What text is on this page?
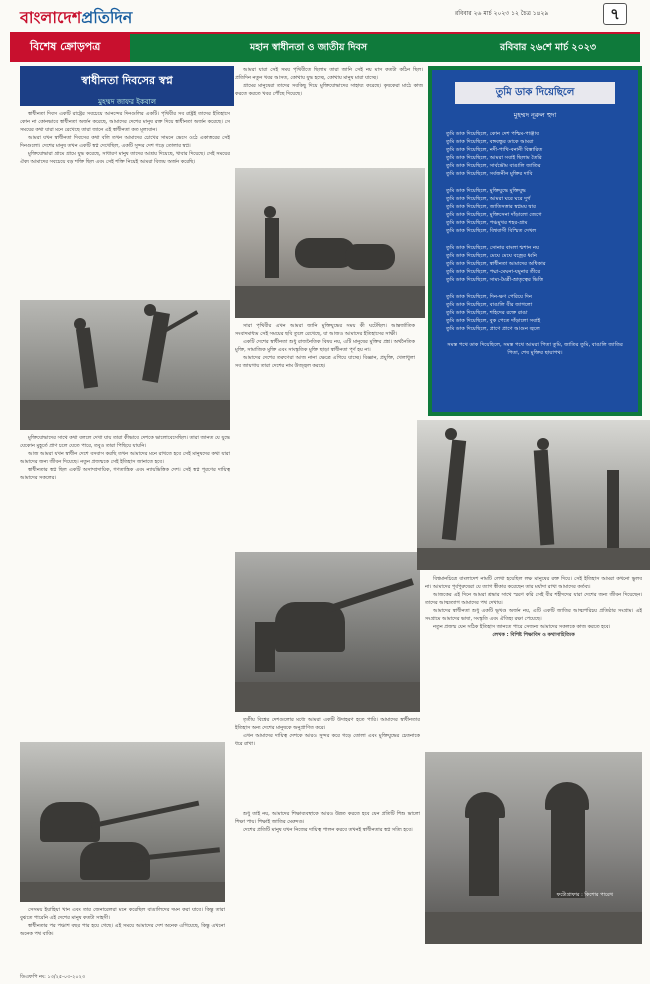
বাংলাদেশপ্রতিদিন	রবিবার ২৬ মার্চ ২০২৩ ১২ চৈত্র ১৪২৯	৭
বিশেষ ক্রোড়পত্র	মহান স্বাধীনতা ও জাতীয় দিবস	রবিবার ২৬শে মার্চ ২০২৩
স্বাধীনতা দিবসের স্বপ্ন
মুহম্মদ জাফর ইকবাল

স্বাধীনতা দিবস একটি রাষ্ট্রের সবচেয়ে আনন্দের দিনগুলির একটি। পৃথিবীর সব রাষ্ট্রই তাদের ইতিহাসে কোন না কোনভাবে স্বাধীনতা অর্জন করেছে, আমাদের দেশের মানুষ রক্ত দিয়ে স্বাধীনতা অর্জন করেছে। সে সময়ের কথা যারা মনে রেখেছে তারা জানে এই স্বাধীনতা কত মূল্যবান।

আমরা যখন স্বাধীনতা দিবসের কথা বলি তখন আমাদের চোখের সামনে ভেসে ওঠে একাত্তরের সেই দিনগুলো। দেশের মানুষ তখন একটি স্বপ্ন দেখেছিল, একটি সুন্দর দেশ গড়ে তোলার স্বপ্ন।

মুক্তিযোদ্ধারা গ্রামে গ্রামে যুদ্ধ করেছে, সাধারণ মানুষ তাদের আশ্রয় দিয়েছে, খাবার দিয়েছে। সেই সময়ের ঐক্য আমাদের সবচেয়ে বড় শক্তি ছিল এবং সেই শক্তি নিয়েই আমরা বিজয় অর্জন করেছি।

মুক্তিযোদ্ধাদের সাথে কথা বললে দেখা যায় তারা কীভাবে দেশকে ভালোবেসেছিল। তারা জানত যে যুদ্ধে যেকোন মুহূর্তে প্রাণ চলে যেতে পারে, তবুও তারা পিছিয়ে যায়নি।

আজ আমরা যখন স্বাধীন দেশে বসবাস করছি তখন আমাদের মনে রাখতে হবে সেই মানুষদের কথা যারা আমাদের জন্য জীবন দিয়েছে। নতুন প্রজন্মকে সেই ইতিহাস জানাতে হবে।

স্বাধীনতার স্বপ্ন ছিল একটি অসাম্প্রদায়িক, গণতান্ত্রিক এবং ন্যায়ভিত্তিক দেশ। সেই স্বপ্ন পূরণের দায়িত্ব আমাদের সকলের।

সেসময় ইয়াহিয়া খান এবং তার জেনারেলরা মনে করেছিল বাঙালিদের দমন করা যাবে। কিন্তু তারা বুঝতে পারেনি এই দেশের মানুষ কতটা সাহসী।

স্বাধীনতার পর পঞ্চাশ বছর পার হয়ে গেছে। এই সময়ে আমাদের দেশ অনেক এগিয়েছে, কিন্তু এখনো অনেক পথ বাকি।

ডিএফপি নং: ১৩/২৫-০৩-২০২৩

আমরা যারা সেই সময় পৃথিবীতে ছিলাম তারা জানি সেই নয় মাস কতটা কঠিন ছিল। প্রতিদিন নতুন খবর আসত, কোথায় যুদ্ধ হচ্ছে, কোথায় মানুষ মারা যাচ্ছে।

গ্রামের মানুষেরা তাদের সবকিছু দিয়ে মুক্তিযোদ্ধাদের সাহায্য করেছে। কৃষকেরা মাঠে কাজ করতে করতে খবর পৌঁছে দিয়েছে।

সারা পৃথিবীর এখন আমরা জানি মুক্তিযুদ্ধের সময় কী ঘটেছিল। আন্তর্জাতিক সংবাদমাধ্যম সেই সময়ের ছবি তুলে রেখেছে, যা আজও আমাদের ইতিহাসের সাক্ষী।

একটি দেশের স্বাধীনতা শুধু রাজনৈতিক বিষয় নয়, এটি মানুষের মুক্তির প্রশ্ন। অর্থনৈতিক মুক্তি, সামাজিক মুক্তি এবং সাংস্কৃতিক মুক্তি ছাড়া স্বাধীনতা পূর্ণ হয় না।

আমাদের দেশের তরুণেরা আজ নানা ক্ষেত্রে এগিয়ে যাচ্ছে। বিজ্ঞান, প্রযুক্তি, খেলাধুলা সব জায়গায় তারা দেশের নাম উজ্জ্বল করছে।

তৃতীয় বিশ্বের দেশগুলোর মধ্যে আমরা একটি উদাহরণ হতে পারি। আমাদের স্বাধীনতার ইতিহাস অন্য দেশের মানুষকে অনুপ্রাণিত করে।

এখন আমাদের দায়িত্ব দেশকে আরও সুন্দর করে গড়ে তোলা এবং মুক্তিযুদ্ধের চেতনাকে ধরে রাখা।

শুধু তাই নয়, আমাদের শিক্ষাব্যবস্থাকে আরও উন্নত করতে হবে যেন প্রতিটি শিশু ভালো শিক্ষা পায়। শিক্ষাই জাতির মেরুদণ্ড।

দেশের প্রতিটি মানুষ যখন নিজের দায়িত্ব পালন করবে তখনই স্বাধীনতার স্বপ্ন সত্যি হবে।

তুমি ডাক দিয়েছিলে
মুহম্মদ নূরুল হুদা
তুমি ডাক দিয়েছিলে, কোন দেশ পশ্চিম-পাঞ্জাব
তুমি ডাক দিয়েছিলে, বঙ্গবন্ধুর ডাকে আমরা
তুমি ডাক দিয়েছিলে, নদী-পাখি-বনানী বিস্তারিত
তুমি ডাক দিয়েছিলে, আমরা সবাই ছিলাম তৈরি
তুমি ডাক দিয়েছিলে, সার্বভৌম বাঙালি জাতির
তুমি ডাক দিয়েছিলে, সর্বজনীন মুক্তির দাবি
তুমি ডাক দিয়েছিলে, মুক্তিযুদ্ধে মুক্তিযুদ্ধ
তুমি ডাক দিয়েছিলে, আমরা ঘরে ঘরে দুর্গ
তুমি ডাক দিয়েছিলে, জাতিসত্তার স্বপ্নময় দ্বার
তুমি ডাক দিয়েছিলে, মুক্তিসেনা দাঁড়ালো জেগে
তুমি ডাক দিয়েছিলে, পঞ্চমুখর শহর-গ্রাম
তুমি ডাক দিয়েছিলে, বিশ্ববাসী বিস্মিত দেখল
তুমি ডাক দিয়েছিলে, সোনার বাংলা শ্মশান নয়
তুমি ডাক দিয়েছিলে, মেঘে মেঘে বজ্রের ধ্বনি
তুমি ডাক দিয়েছিলে, স্বাধীনতা আমাদের অধিকার
তুমি ডাক দিয়েছিলে, পদ্মা-মেঘনা-যমুনার তীরে
তুমি ডাক দিয়েছিলে, সাম্য-মৈত্রী-ভ্রাতৃত্বের ভিত্তি
তুমি ডাক দিয়েছিলে, দিন-ক্ষণ পেরিয়ে দিন
তুমি ডাক দিয়েছিলে, বাঙালি বীর জাগলো
তুমি ডাক দিয়েছিলে, শহিদের রক্তে রাঙা
তুমি ডাক দিয়েছিলে, বুক পেতে দাঁড়ালো সবাই
তুমি ডাক দিয়েছিলে, প্রাণে প্রাণে আগুন জ্বলে
সমস্ত পথে ডাক দিয়েছিলে, সমস্ত পথে আমরা পিতা তুমি, জাতির তুমি, বাঙালি জাতির পিতা, শেষ মুক্তির ছায়াপথ।

বিশ্বমানচিত্রে বাংলাদেশ নামটি লেখা হয়েছিল লক্ষ মানুষের রক্ত দিয়ে। সেই ইতিহাস আমরা কখনো ভুলব না। আমাদের পূর্বপুরুষেরা যে ত্যাগ স্বীকার করেছেন তার মর্যাদা রাখা আমাদের কর্তব্য।

আজকের এই দিনে আমরা শ্রদ্ধার সাথে স্মরণ করি সেই বীর শহীদদের যারা দেশের জন্য জীবন দিয়েছেন। তাদের আত্মত্যাগ আমাদের পথ দেখায়।

আমাদের স্বাধীনতা শুধু একটি ভূখণ্ড অর্জন নয়, এটি একটি জাতির আত্মপরিচয় প্রতিষ্ঠার সংগ্রাম। এই সংগ্রামে আমাদের ভাষা, সংস্কৃতি এবং ঐতিহ্য রক্ষা পেয়েছে।

নতুন প্রজন্ম যেন সঠিক ইতিহাস জানতে পারে সেজন্য আমাদের সকলকে কাজ করতে হবে।

লেখক : বিশিষ্ট শিক্ষাবিদ ও কথাসাহিত্যিক

ফটোগ্রাফার : কিশোর পারেখ
